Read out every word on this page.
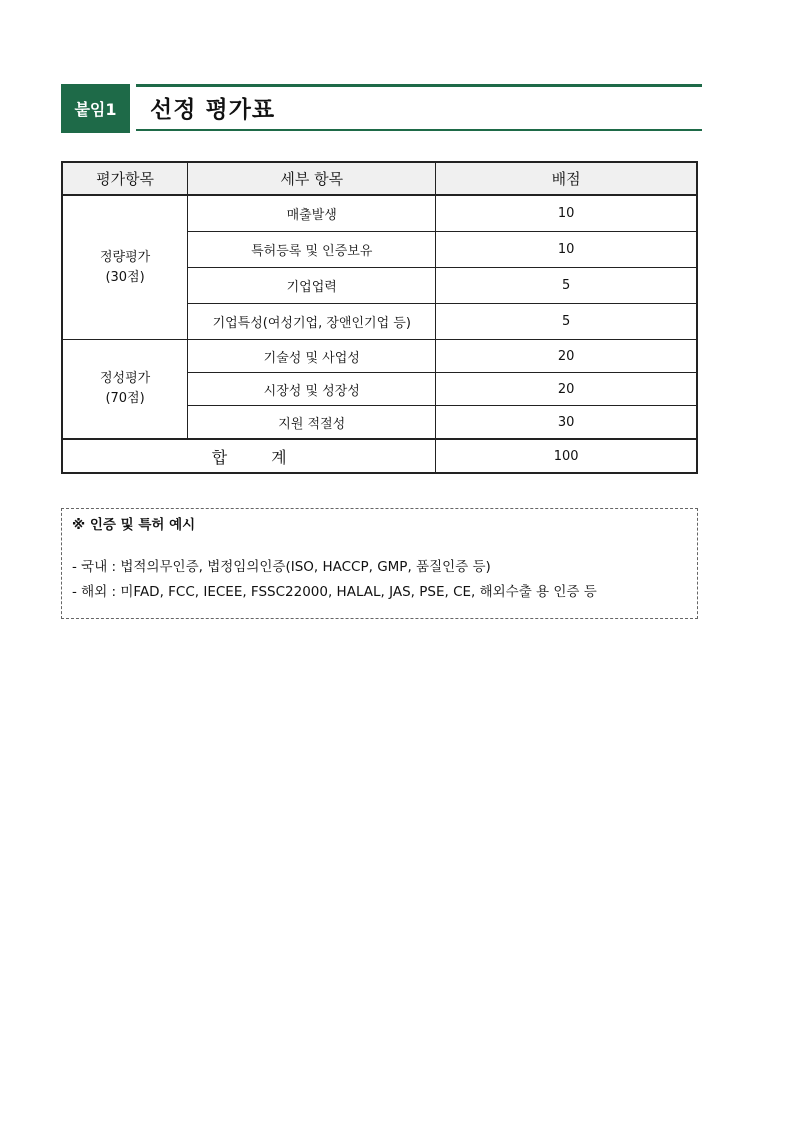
붙임1	선정 평가표
평가항목	세부 항목	배점

정량평가
(30점)	매출발생	10
	특허등록 및 인증보유	10
	기업업력	5
	기업특성(여성기업, 장앤인기업 등)	5

정성평가
(70점)	기술성 및 사업성	20
	시장성 및 성장성	20
	지원 적절성	30
합 계		100
※ 인증 및 특허 예시
- 국내 : 법적의무인증, 법정임의인증(ISO, HACCP, GMP, 품질인증 등)
- 해외 : 미FAD, FCC, IECEE, FSSC22000, HALAL, JAS, PSE, CE, 해외수출 용 인증 등
